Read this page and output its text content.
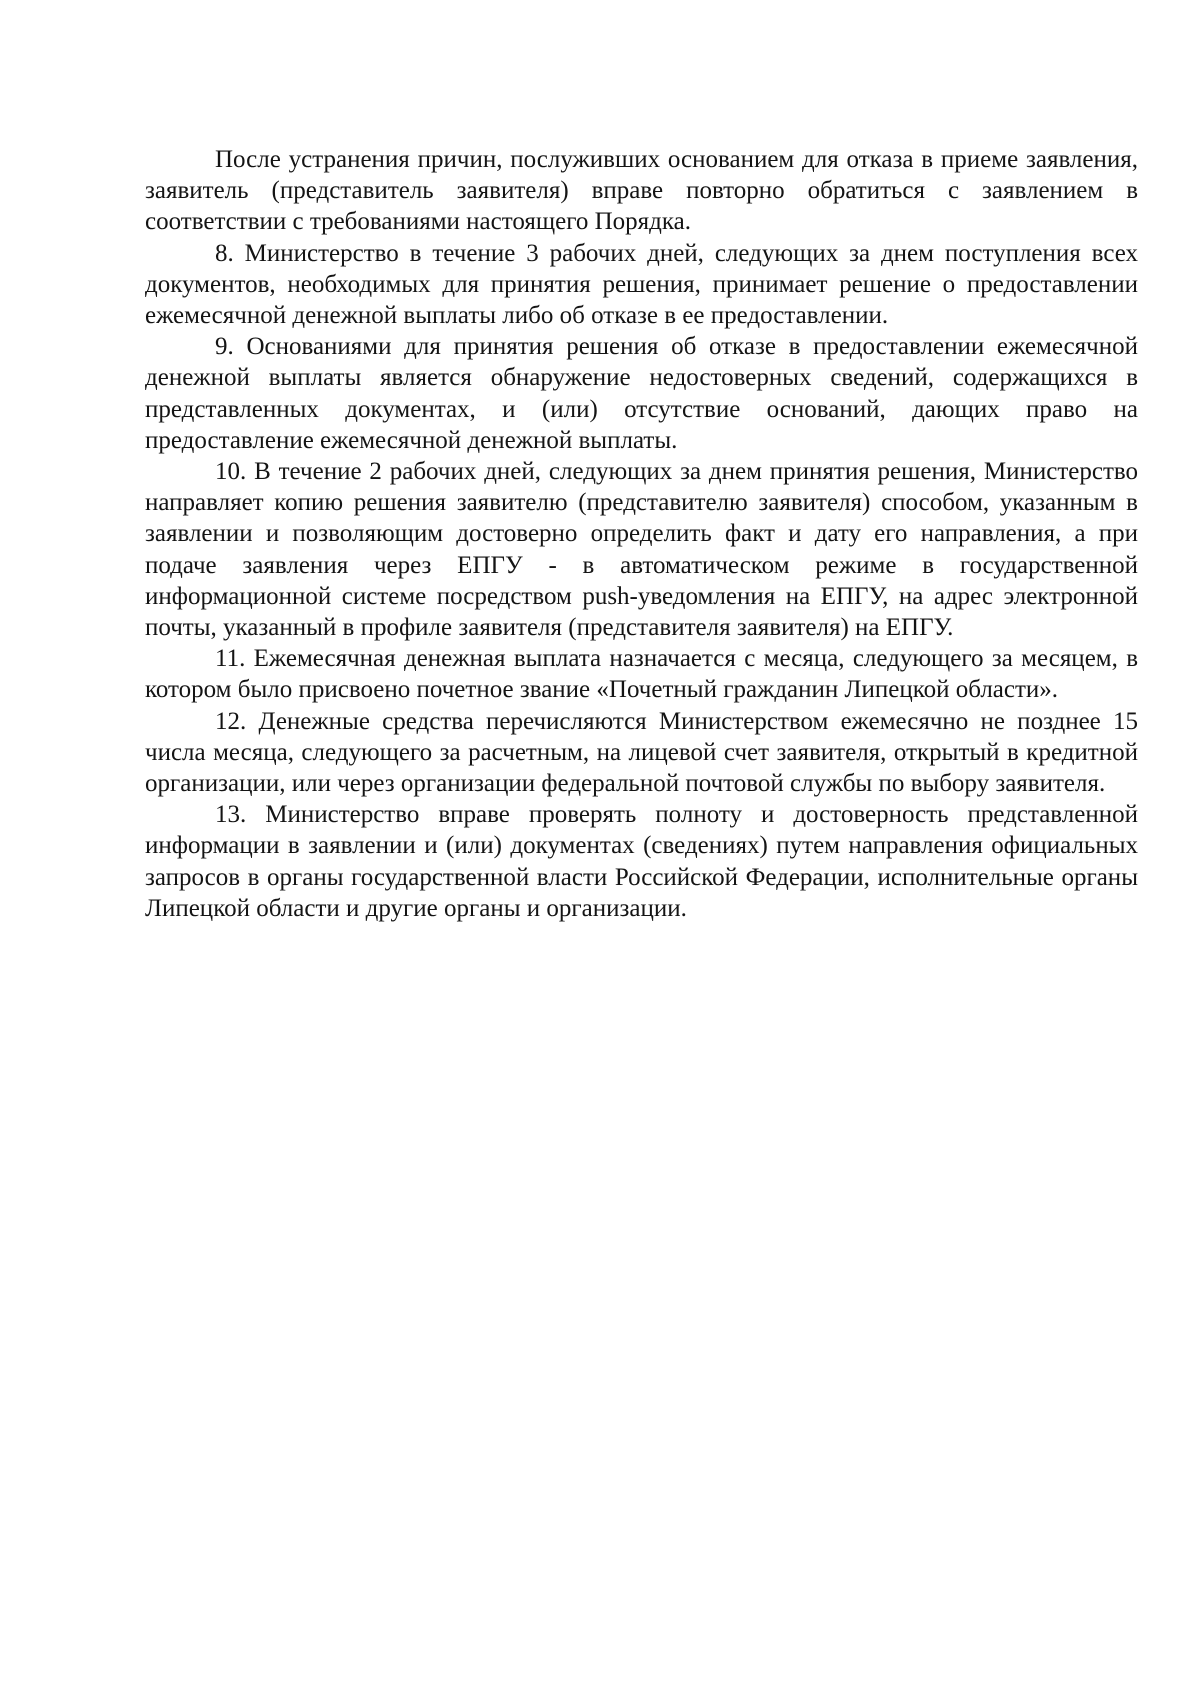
После устранения причин, послуживших основанием для отказа в приеме заявления, заявитель (представитель заявителя) вправе повторно обратиться с заявлением в соответствии с требованиями настоящего Порядка.

8. Министерство в течение 3 рабочих дней, следующих за днем поступления всех документов, необходимых для принятия решения, принимает решение о предоставлении ежемесячной денежной выплаты либо об отказе в ее предоставлении.

9. Основаниями для принятия решения об отказе в предоставлении ежемесячной денежной выплаты является обнаружение недостоверных сведений, содержащихся в представленных документах, и (или) отсутствие оснований, дающих право на предоставление ежемесячной денежной выплаты.

10. В течение 2 рабочих дней, следующих за днем принятия решения, Министерство направляет копию решения заявителю (представителю заявителя) способом, указанным в заявлении и позволяющим достоверно определить факт и дату его направления, а при подаче заявления через ЕПГУ - в автоматическом режиме в государственной информационной системе посредством push-уведомления на ЕПГУ, на адрес электронной почты, указанный в профиле заявителя (представителя заявителя) на ЕПГУ.

11. Ежемесячная денежная выплата назначается с месяца, следующего за месяцем, в котором было присвоено почетное звание «Почетный гражданин Липецкой области».

12. Денежные средства перечисляются Министерством ежемесячно не позднее 15 числа месяца, следующего за расчетным, на лицевой счет заявителя, открытый в кредитной организации, или через организации федеральной почтовой службы по выбору заявителя.

13. Министерство вправе проверять полноту и достоверность представленной информации в заявлении и (или) документах (сведениях) путем направления официальных запросов в органы государственной власти Российской Федерации, исполнительные органы Липецкой области и другие органы и организации.
